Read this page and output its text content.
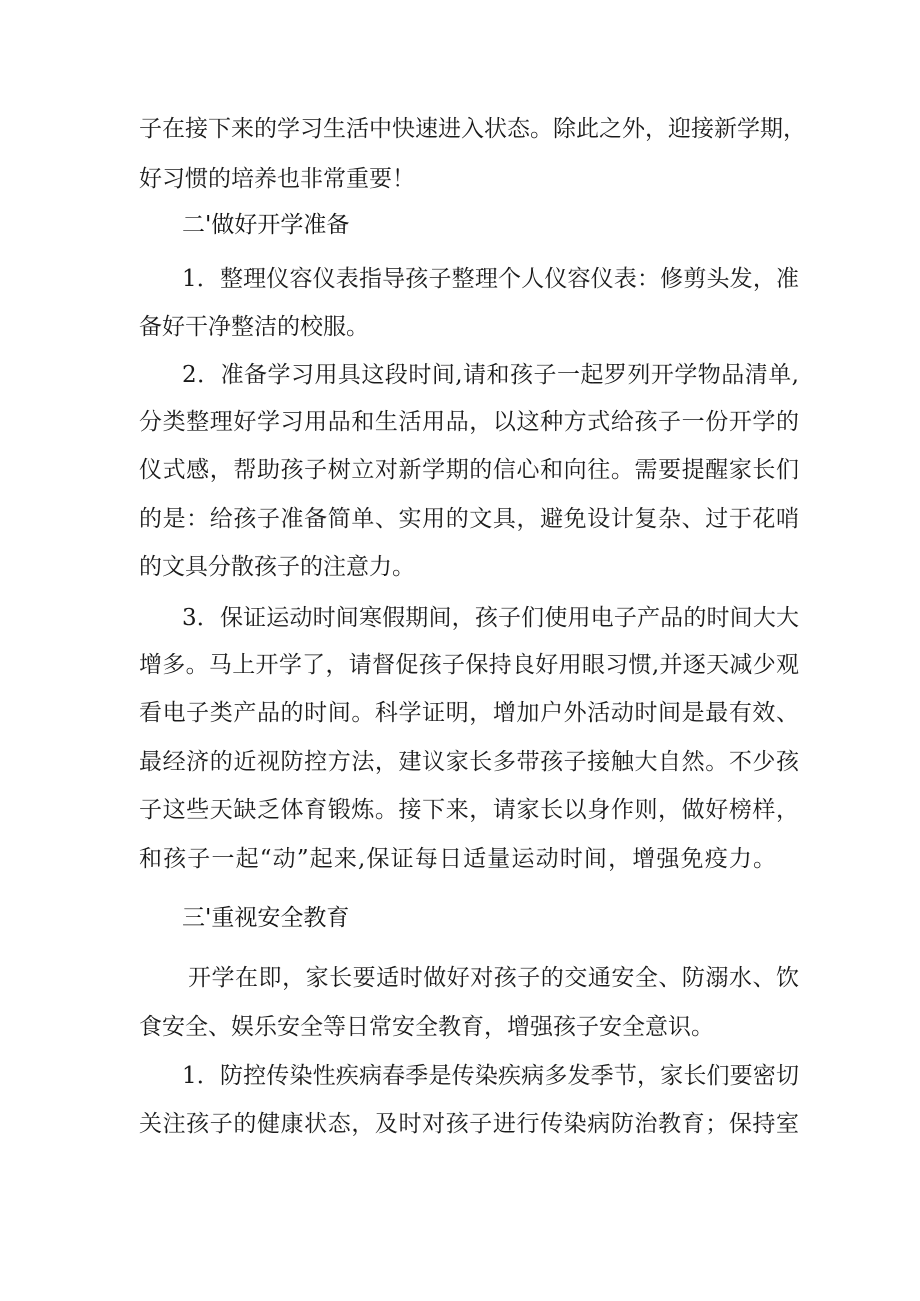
子在接下来的学习生活中快速进入状态。除此之外，迎接新学期，

好习惯的培养也非常重要！

二'做好开学准备

1．整理仪容仪表指导孩子整理个人仪容仪表：修剪头发，准

备好干净整洁的校服。

2．准备学习用具这段时间,请和孩子一起罗列开学物品清单,

分类整理好学习用品和生活用品，以这种方式给孩子一份开学的

仪式感，帮助孩子树立对新学期的信心和向往。需要提醒家长们

的是：给孩子准备简单、实用的文具，避免设计复杂、过于花哨

的文具分散孩子的注意力。

3．保证运动时间寒假期间，孩子们使用电子产品的时间大大

增多。马上开学了，请督促孩子保持良好用眼习惯,并逐天减少观

看电子类产品的时间。科学证明，增加户外活动时间是最有效、

最经济的近视防控方法，建议家长多带孩子接触大自然。不少孩

子这些天缺乏体育锻炼。接下来，请家长以身作则，做好榜样，

和孩子一起“动”起来,保证每日适量运动时间，增强免疫力。

三'重视安全教育

开学在即，家长要适时做好对孩子的交通安全、防溺水、饮

食安全、娱乐安全等日常安全教育，增强孩子安全意识。

1．防控传染性疾病春季是传染疾病多发季节，家长们要密切

关注孩子的健康状态，及时对孩子进行传染病防治教育；保持室
